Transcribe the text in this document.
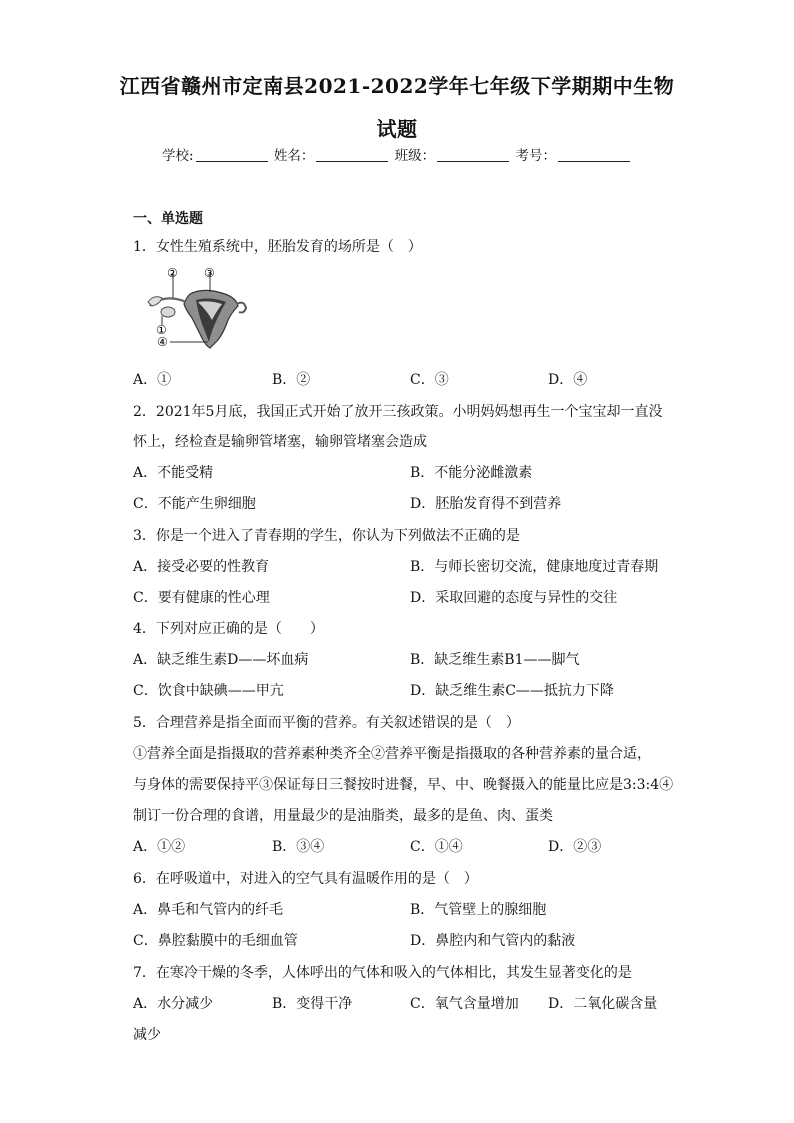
江西省赣州市定南县2021-2022学年七年级下学期期中生物
试题
学校:	姓名：	班级：	考号：
一、单选题
1．女性生殖系统中，胚胎发育的场所是（　）
② ③
①
④
A．①	B．②	C．③	D．④
2．2021年5月底，我国正式开始了放开三孩政策。小明妈妈想再生一个宝宝却一直没
怀上，经检查是输卵管堵塞，输卵管堵塞会造成
A．不能受精	B．不能分泌雌激素
C．不能产生卵细胞	D．胚胎发育得不到营养
3．你是一个进入了青春期的学生，你认为下列做法不正确的是
A．接受必要的性教育	B．与师长密切交流，健康地度过青春期
C．要有健康的性心理	D．采取回避的态度与异性的交往
4．下列对应正确的是（　　）
A．缺乏维生素D——坏血病	B．缺乏维生素B1——脚气
C．饮食中缺碘——甲亢	D．缺乏维生素C——抵抗力下降
5．合理营养是指全面而平衡的营养。有关叙述错误的是（　）
①营养全面是指摄取的营养素种类齐全②营养平衡是指摄取的各种营养素的量合适，
与身体的需要保持平③保证每日三餐按时进餐，早、中、晚餐摄入的能量比应是3:3:4④
制订一份合理的食谱，用量最少的是油脂类，最多的是鱼、肉、蛋类
A．①②	B．③④	C．①④	D．②③
6．在呼吸道中，对进入的空气具有温暖作用的是（　）
A．鼻毛和气管内的纤毛	B．气管壁上的腺细胞
C．鼻腔黏膜中的毛细血管	D．鼻腔内和气管内的黏液
7．在寒冷干燥的冬季，人体呼出的气体和吸入的气体相比，其发生显著变化的是
A．水分减少	B．变得干净	C．氧气含量增加 D．二氧化碳含量
减少
